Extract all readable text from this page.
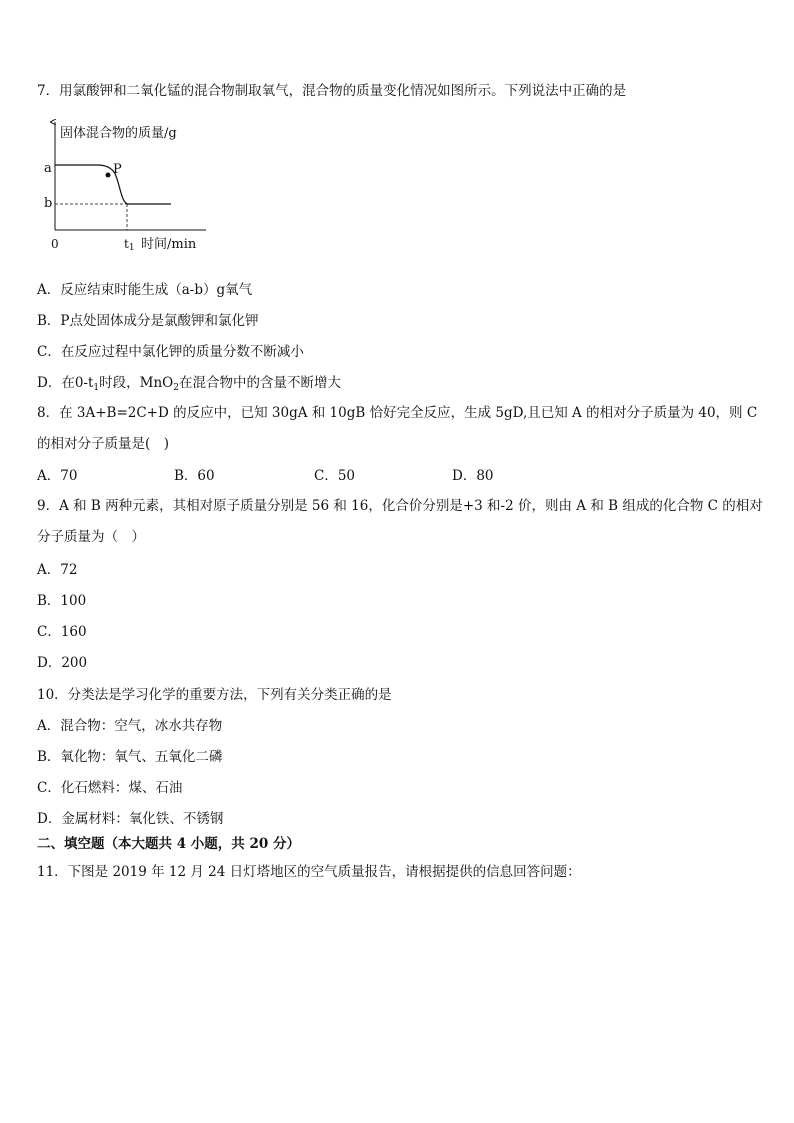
7．用氯酸钾和二氧化锰的混合物制取氧气，混合物的质量变化情况如图所示。下列说法中正确的是
固体混合物的质量/g
a
b
P
0	t1 时间/min
A．反应结束时能生成（a-b）g氧气
B．P点处固体成分是氯酸钾和氯化钾
C．在反应过程中氯化钾的质量分数不断减小
D．在$0-t_1$时段，MnO$_2$在混合物中的含量不断增大
8．在 3A+B=2C+D 的反应中，已知 30gA 和 10gB 恰好完全反应，生成 5gD,且已知 A 的相对分子质量为 40，则 C 的相对分子质量是(　)
A．70	B．60	C．50	D．80
9．A 和 B 两种元素，其相对原子质量分别是 56 和 16，化合价分别是+3 和-2 价，则由 A 和 B 组成的化合物 C 的相对分子质量为（　）
A．72
B．100
C．160
D．200
10．分类法是学习化学的重要方法，下列有关分类正确的是
A．混合物：空气，冰水共存物
B．氧化物：氧气、五氧化二磷
C．化石燃料：煤、石油
D．金属材料：氧化铁、不锈钢
二、填空题（本大题共 4 小题，共 20 分）
11．下图是 2019 年 12 月 24 日灯塔地区的空气质量报告，请根据提供的信息回答问题：
